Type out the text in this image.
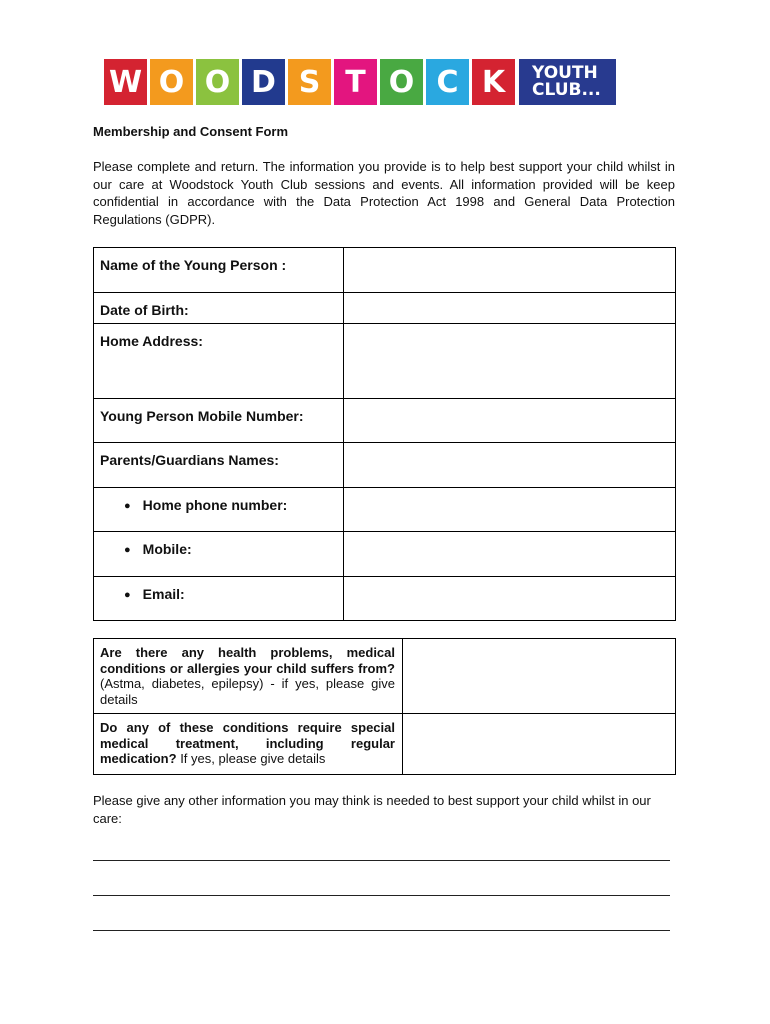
W O O D S T O C K	YOUTH
CLUB...
Membership and Consent Form

Please complete and return. The information you provide is to help best support your child whilst in our care at Woodstock Youth Club sessions and events. All information provided will be keep confidential in accordance with the Data Protection Act 1998 and General Data Protection Regulations (GDPR).

Name of the Young Person :	
Date of Birth:	
Home Address:	
Young Person Mobile Number:	
Parents/Guardians Names:	
● Home phone number:	
● Mobile:	
● Email:	
Are there any health problems, medical conditions or allergies your child suffers from? (Astma, diabetes, epilepsy) - if yes, please give details	
Do any of these conditions require special medical treatment, including regular medication? If yes, please give details	

Please give any other information you may think is needed to best support your child whilst in our care:
